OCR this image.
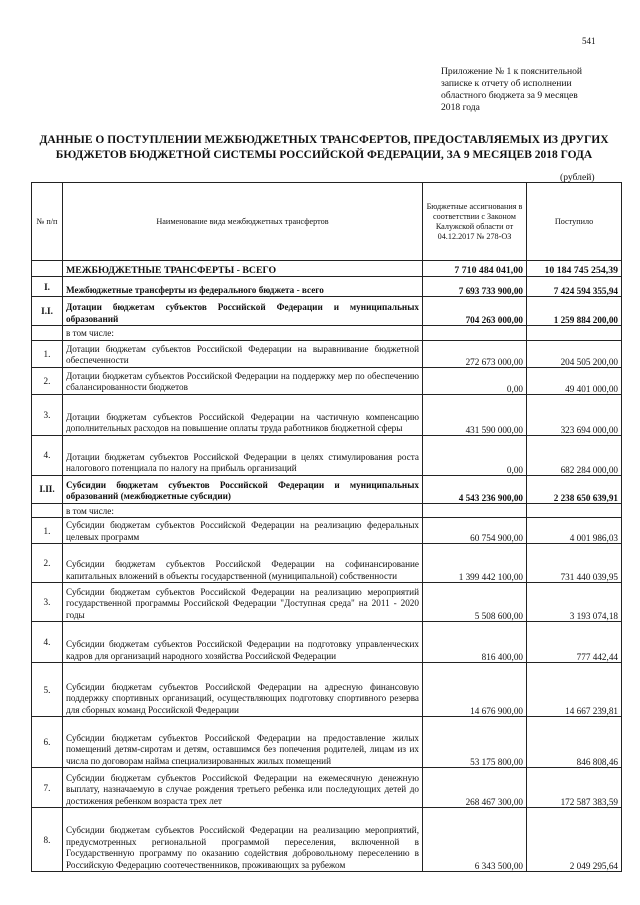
541
Приложение № 1 к пояснительной
записке к отчету об исполнении
областного бюджета за 9 месяцев
2018 года
ДАННЫЕ О ПОСТУПЛЕНИИ МЕЖБЮДЖЕТНЫХ ТРАНСФЕРТОВ, ПРЕДОСТАВЛЯЕМЫХ ИЗ ДРУГИХ
БЮДЖЕТОВ БЮДЖЕТНОЙ СИСТЕМЫ РОССИЙСКОЙ ФЕДЕРАЦИИ, ЗА 9 МЕСЯЦЕВ 2018 ГОДА
(рублей)
№ п/п	Наименование вида межбюджетных трансфертов	Бюджетные ассигнования в соответствии с Законом Калужской области от 04.12.2017 № 278-ОЗ	Поступило
	МЕЖБЮДЖЕТНЫЕ ТРАНСФЕРТЫ - ВСЕГО	7 710 484 041,00	10 184 745 254,39
I.	Межбюджетные трансферты из федерального бюджета - всего	7 693 733 900,00	7 424 594 355,94
I.I.	Дотации бюджетам субъектов Российской Федерации и муниципальных образований	704 263 000,00	1 259 884 200,00
	в том числе:		
1.	Дотации бюджетам субъектов Российской Федерации на выравнивание бюджетной обеспеченности	272 673 000,00	204 505 200,00
2.	Дотации бюджетам субъектов Российской Федерации на поддержку мер по обеспечению сбалансированности бюджетов	0,00	49 401 000,00
3.	Дотации бюджетам субъектов Российской Федерации на частичную компенсацию дополнительных расходов на повышение оплаты труда работников бюджетной сферы	431 590 000,00	323 694 000,00
4.	Дотации бюджетам субъектов Российской Федерации в целях стимулирования роста налогового потенциала по налогу на прибыль организаций	0,00	682 284 000,00
I.II.	Субсидии бюджетам субъектов Российской Федерации и муниципальных образований (межбюджетные субсидии)	4 543 236 900,00	2 238 650 639,91
	в том числе:		
1.	Субсидии бюджетам субъектов Российской Федерации на реализацию федеральных целевых программ	60 754 900,00	4 001 986,03
2.	Субсидии бюджетам субъектов Российской Федерации на софинансирование капитальных вложений в объекты государственной (муниципальной) собственности	1 399 442 100,00	731 440 039,95
3.	Субсидии бюджетам субъектов Российской Федерации на реализацию мероприятий государственной программы Российской Федерации "Доступная среда" на 2011 - 2020 годы	5 508 600,00	3 193 074,18
4.	Субсидии бюджетам субъектов Российской Федерации на подготовку управленческих кадров для организаций народного хозяйства Российской Федерации	816 400,00	777 442,44
5.	Субсидии бюджетам субъектов Российской Федерации на адресную финансовую поддержку спортивных организаций, осуществляющих подготовку спортивного резерва для сборных команд Российской Федерации	14 676 900,00	14 667 239,81
6.	Субсидии бюджетам субъектов Российской Федерации на предоставление жилых помещений детям-сиротам и детям, оставшимся без попечения родителей, лицам из их числа по договорам найма специализированных жилых помещений	53 175 800,00	846 808,46
7.	Субсидии бюджетам субъектов Российской Федерации на ежемесячную денежную выплату, назначаемую в случае рождения третьего ребенка или последующих детей до достижения ребенком возраста трех лет	268 467 300,00	172 587 383,59
8.	Субсидии бюджетам субъектов Российской Федерации на реализацию мероприятий, предусмотренных региональной программой переселения, включенной в Государственную программу по оказанию содействия добровольному переселению в Российскую Федерацию соотечественников, проживающих за рубежом	6 343 500,00	2 049 295,64
